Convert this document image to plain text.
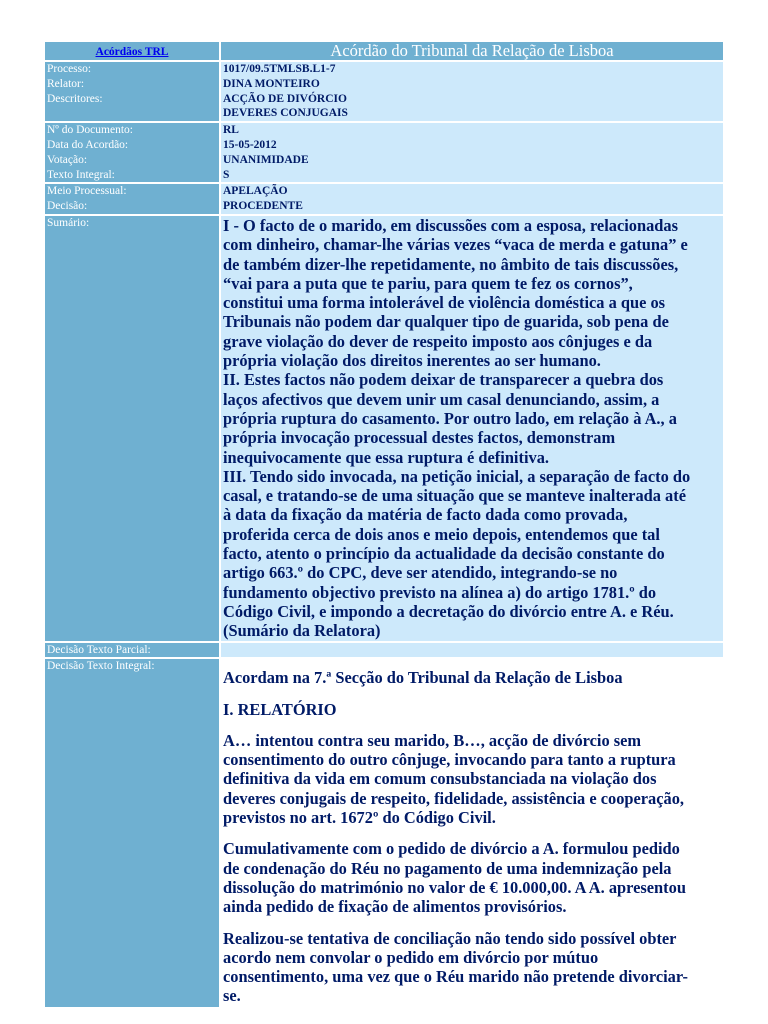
Acórdãos TRL	Acórdão do Tribunal da Relação de Lisboa
Processo:
Relator:
Descritores:
1017/09.5TMLSB.L1-7
DINA MONTEIRO
ACÇÃO DE DIVÓRCIO
DEVERES CONJUGAIS
Nº do Documento:
Data do Acordão:
Votação:
Texto Integral:
RL
15-05-2012
UNANIMIDADE
S
Meio Processual:
Decisão:
APELAÇÃO
PROCEDENTE
Sumário:	I - O facto de o marido, em discussões com a esposa, relacionadas
com dinheiro, chamar-lhe várias vezes “vaca de merda e gatuna” e
de também dizer-lhe repetidamente, no âmbito de tais discussões,
“vai para a puta que te pariu, para quem te fez os cornos”,
constitui uma forma intolerável de violência doméstica a que os
Tribunais não podem dar qualquer tipo de guarida, sob pena de
grave violação do dever de respeito imposto aos cônjuges e da
própria violação dos direitos inerentes ao ser humano.
II. Estes factos não podem deixar de transparecer a quebra dos
laços afectivos que devem unir um casal denunciando, assim, a
própria ruptura do casamento. Por outro lado, em relação à A., a
própria invocação processual destes factos, demonstram
inequivocamente que essa ruptura é definitiva.
III. Tendo sido invocada, na petição inicial, a separação de facto do
casal, e tratando-se de uma situação que se manteve inalterada até
à data da fixação da matéria de facto dada como provada,
proferida cerca de dois anos e meio depois, entendemos que tal
facto, atento o princípio da actualidade da decisão constante do
artigo 663.º do CPC, deve ser atendido, integrando-se no
fundamento objectivo previsto na alínea a) do artigo 1781.º do
Código Civil, e impondo a decretação do divórcio entre A. e Réu.
(Sumário da Relatora)
Decisão Texto Parcial:
Decisão Texto Integral:

Acordam na 7.ª Secção do Tribunal da Relação de Lisboa

I. RELATÓRIO

A… intentou contra seu marido, B…, acção de divórcio sem
consentimento do outro cônjuge, invocando para tanto a ruptura
definitiva da vida em comum consubstanciada na violação dos
deveres conjugais de respeito, fidelidade, assistência e cooperação,
previstos no art. 1672º do Código Civil.

Cumulativamente com o pedido de divórcio a A. formulou pedido
de condenação do Réu no pagamento de uma indemnização pela
dissolução do matrimónio no valor de € 10.000,00. A A. apresentou
ainda pedido de fixação de alimentos provisórios.

Realizou-se tentativa de conciliação não tendo sido possível obter
acordo nem convolar o pedido em divórcio por mútuo
consentimento, uma vez que o Réu marido não pretende divorciar-
se.
